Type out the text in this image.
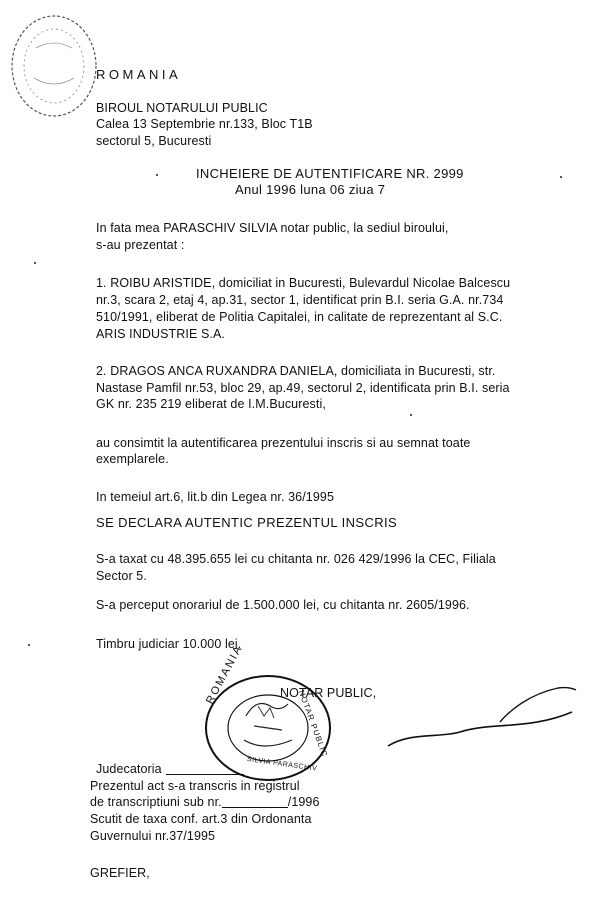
ROMANIA
BIROUL NOTARULUI PUBLIC
Calea 13 Septembrie nr.133, Bloc T1B
sectorul 5, Bucuresti
INCHEIERE DE AUTENTIFICARE NR. 2999
Anul 1996 luna 06 ziua 7
In fata mea PARASCHIV SILVIA notar public, la sediul biroului,
s-au prezentat :
1. ROIBU ARISTIDE, domiciliat in Bucuresti, Bulevardul Nicolae Balcescu
nr.3, scara 2, etaj 4, ap.31, sector 1, identificat prin B.I. seria G.A. nr.734
510/1991, eliberat de Politia Capitalei, in calitate de reprezentant al S.C.
ARIS INDUSTRIE S.A.
2. DRAGOS ANCA RUXANDRA DANIELA, domiciliata in Bucuresti, str.
Nastase Pamfil nr.53, bloc 29, ap.49, sectorul 2, identificata prin B.I. seria
GK nr. 235 219 eliberat de I.M.Bucuresti,
au consimtit la autentificarea prezentului inscris si au semnat toate
exemplarele.
In temeiul art.6, lit.b din Legea nr. 36/1995
SE DECLARA AUTENTIC PREZENTUL INSCRIS
S-a taxat cu 48.395.655 lei cu chitanta nr. 026 429/1996 la CEC, Filiala
Sector 5.
S-a perceput onorariul de 1.500.000 lei, cu chitanta nr. 2605/1996.
Timbru judiciar 10.000 lei.
ROMANIA
NOTAR PUBLIC
SILVIA PARASCHIV
NOTAR PUBLIC,
Judecatoria
Prezentul act s-a transcris in registrul
de transcriptiuni sub nr.	/1996
Scutit de taxa conf. art.3 din Ordonanta
Guvernului nr.37/1995
GREFIER,
